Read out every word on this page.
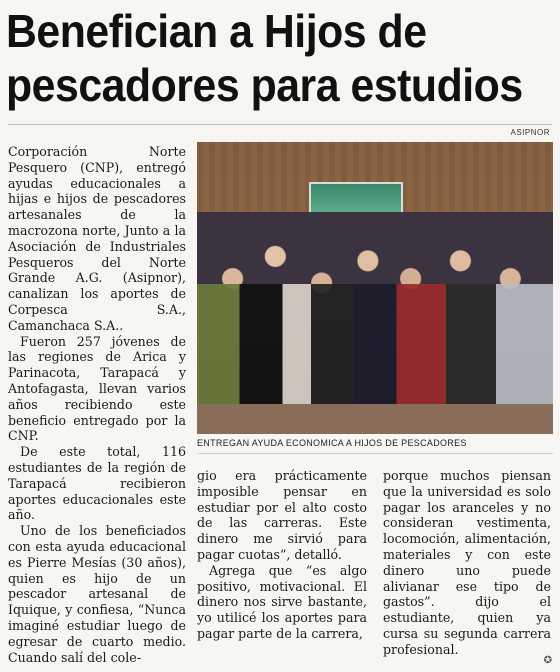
Benefician a Hijos de
pescadores para estudios
ASIPNOR

Corporación Norte Pesquero (CNP), entregó ayudas educacionales a hijas e hijos de pescadores artesanales de la macrozona norte, Junto a la Asociación de Industriales Pesqueros del Norte Grande A.G. (Asipnor), canalizan los aportes de Corpesca S.A., Camanchaca S.A..

Fueron 257 jóvenes de las regiones de Arica y Parinacota, Tarapacá y Antofagasta, llevan varios años recibiendo este beneficio entregado por la CNP.

De este total, 116 estudiantes de la región de Tarapacá recibieron aportes educacionales este año.

Uno de los beneficiados con esta ayuda educacional es Pierre Mesías (30 años), quien es hijo de un pescador artesanal de Iquique, y confiesa, “Nunca imaginé estudiar luego de egresar de cuarto medio. Cuando salí del cole-

ENTREGAN AYUDA ECONOMICA A HIJOS DE PESCADORES

gio era prácticamente imposible pensar en estudiar por el alto costo de las carreras. Este dinero me sirvió para pagar cuotas”, detalló.

Agrega que “es algo positivo, motivacional. El dinero nos sirve bastante, yo utilicé los aportes para pagar parte de la carrera,

porque muchos piensan que la universidad es solo pagar los aranceles y no consideran vestimenta, locomoción, alimentación, materiales y con este dinero uno puede alivianar ese tipo de gastos”. dijo el estudiante, quien ya cursa su segunda carrera profesional.

✪
